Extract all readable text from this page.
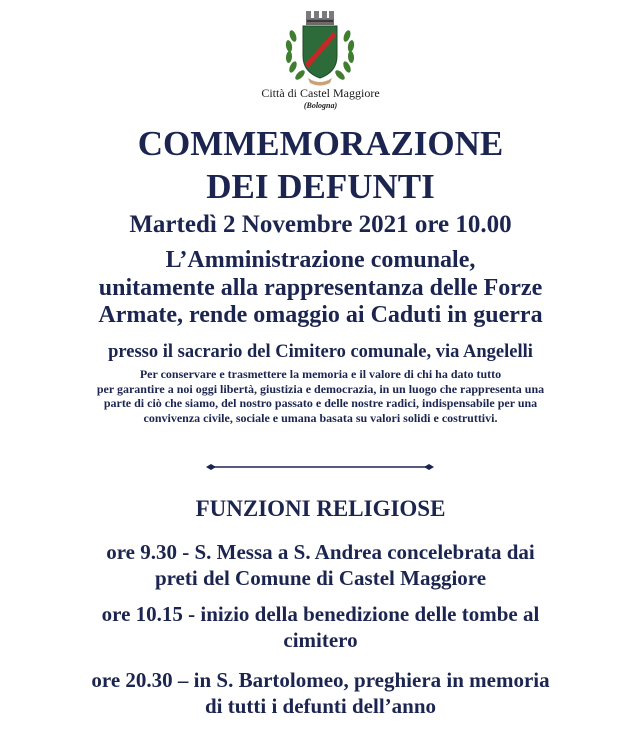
Città di Castel Maggiore
(Bologna)
COMMEMORAZIONE
DEI DEFUNTI
Martedì 2 Novembre 2021 ore 10.00
L’Amministrazione comunale,
unitamente alla rappresentanza delle Forze
Armate, rende omaggio ai Caduti in guerra
presso il sacrario del Cimitero comunale, via Angelelli
Per conservare e trasmettere la memoria e il valore di chi ha dato tutto
per garantire a noi oggi libertà, giustizia e democrazia, in un luogo che rappresenta una
parte di ciò che siamo, del nostro passato e delle nostre radici, indispensabile per una
convivenza civile, sociale e umana basata su valori solidi e costruttivi.
FUNZIONI RELIGIOSE
ore 9.30 - S. Messa a S. Andrea concelebrata dai
preti del Comune di Castel Maggiore
ore 10.15 - inizio della benedizione delle tombe al
cimitero
ore 20.30 – in S. Bartolomeo, preghiera in memoria
di tutti i defunti dell’anno
